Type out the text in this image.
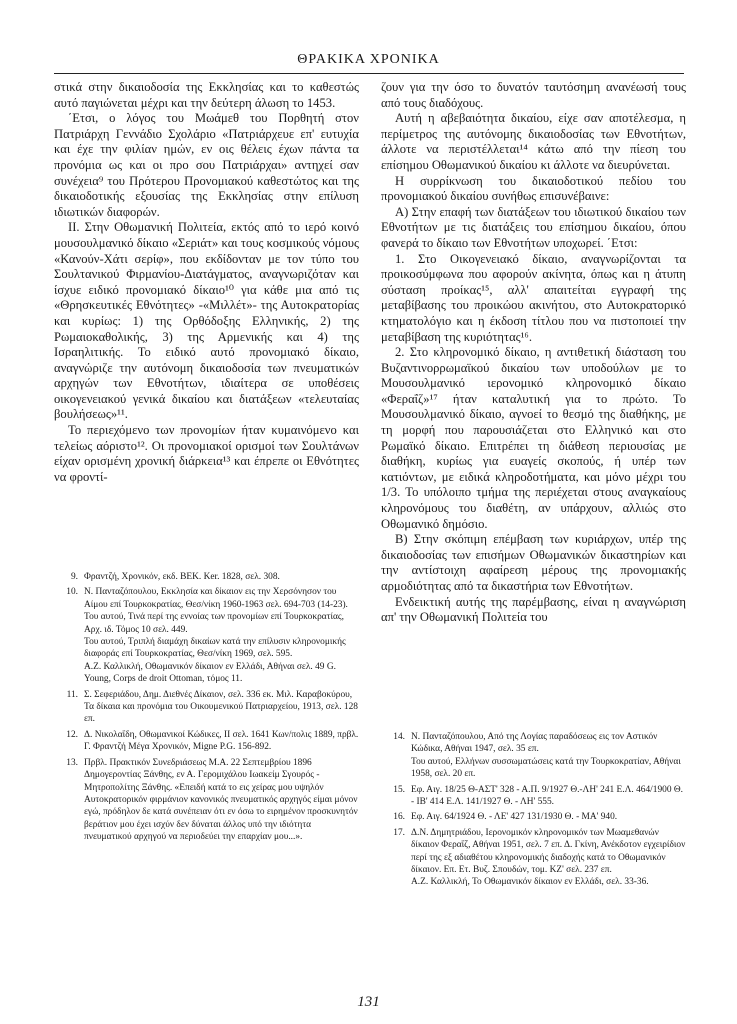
ΘΡΑΚΙΚΑ ΧΡΟΝΙΚΑ

στικά στην δικαιοδοσία της Εκκλησίας και το καθεστώς αυτό παγιώνεται μέχρι και την δεύτερη άλωση το 1453.

΄Ετσι, ο λόγος του Μωάμεθ του Πορθητή στον Πατριάρχη Γεννάδιο Σχολάριο «Πατριάρχευε επ' ευτυχία και έχε την φιλίαν ημών, εν οις θέλεις έχων πάντα τα προνόμια ως και οι προ σου Πατριάρχαι» αντηχεί σαν συνέχεια⁹ του Πρότερου Προνομιακού καθεστώτος και της δικαιοδοτικής εξουσίας της Εκκλησίας στην επίλυση ιδιωτικών διαφορών.

ΙΙ. Στην Οθωμανική Πολιτεία, εκτός από το ιερό κοινό μουσουλμανικό δίκαιο «Σεριάτ» και τους κοσμικούς νόμους «Κανούν-Χάτι σερίφ», που εκδίδονταν με τον τύπο του Σουλτανικού Φιρμανίου-Διατάγματος, αναγνωριζόταν και ίσχυε ειδικό προνομιακό δίκαιο¹⁰ για κάθε μια από τις «Θρησκευτικές Εθνότητες» -«Μιλλέτ»- της Αυτοκρατορίας και κυρίως: 1) της Ορθόδοξης Ελληνικής, 2) της Ρωμαιοκαθολικής, 3) της Αρμενικής και 4) της Ισραηλιτικής. Το ειδικό αυτό προνομιακό δίκαιο, αναγνώριζε την αυτόνομη δικαιοδοσία των πνευματικών αρχηγών των Εθνοτήτων, ιδιαίτερα σε υποθέσεις οικογενειακού γενικά δικαίου και διατάξεων «τελευταίας βουλήσεως»¹¹.

Το περιεχόμενο των προνομίων ήταν κυμαινόμενο και τελείως αόριστο¹². Οι προνομιακοί ορισμοί των Σουλτάνων είχαν ορισμένη χρονική διάρκεια¹³ και έπρεπε οι Εθνότητες να φροντί-

ζουν για την όσο το δυνατόν ταυτόσημη ανανέωσή τους από τους διαδόχους.

Αυτή η αβεβαιότητα δικαίου, είχε σαν αποτέλεσμα, η περίμετρος της αυτόνομης δικαιοδοσίας των Εθνοτήτων, άλλοτε να περιστέλλεται¹⁴ κάτω από την πίεση του επίσημου Οθωμανικού δικαίου κι άλλοτε να διευρύνεται.

Η συρρίκνωση του δικαιοδοτικού πεδίου του προνομιακού δικαίου συνήθως επισυνέβαινε:

Α) Στην επαφή των διατάξεων του ιδιωτικού δικαίου των Εθνοτήτων με τις διατάξεις του επίσημου δικαίου, όπου φανερά το δίκαιο των Εθνοτήτων υποχωρεί. ΄Ετσι:

1. Στο Οικογενειακό δίκαιο, αναγνωρίζονται τα προικοσύμφωνα που αφορούν ακίνητα, όπως και η άτυπη σύσταση προίκας¹⁵, αλλ' απαιτείται εγγραφή της μεταβίβασης του προικώου ακινήτου, στο Αυτοκρατορικό κτηματολόγιο και η έκδοση τίτλου που να πιστοποιεί την μεταβίβαση της κυριότητας¹⁶.

2. Στο κληρονομικό δίκαιο, η αντιθετική διάσταση του Βυζαντινορρωμαϊκού δικαίου των υποδούλων με το Μουσουλμανικό ιερονομικό κληρονομικό δίκαιο «Φεραΐζ»¹⁷ ήταν καταλυτική για το πρώτο. Το Μουσουλμανικό δίκαιο, αγνοεί το θεσμό της διαθήκης, με τη μορφή που παρουσιάζεται στο Ελληνικό και στο Ρωμαϊκό δίκαιο. Επιτρέπει τη διάθεση περιουσίας με διαθήκη, κυρίως για ευαγείς σκοπούς, ή υπέρ των κατιόντων, με ειδικά κληροδοτήματα, και μόνο μέχρι του 1/3. Το υπόλοιπο τμήμα της περιέχεται στους αναγκαίους κληρονόμους του διαθέτη, αν υπάρχουν, αλλιώς στο Οθωμανικό δημόσιο.

Β) Στην σκόπιμη επέμβαση των κυριάρχων, υπέρ της δικαιοδοσίας των επισήμων Οθωμανικών δικαστηρίων και την αντίστοιχη αφαίρεση μέρους της προνομιακής αρμοδιότητας από τα δικαστήρια των Εθνοτήτων.

Ενδεικτική αυτής της παρέμβασης, είναι η αναγνώριση απ' την Οθωμανική Πολιτεία του

9. Φραντζή, Χρονικόν, εκδ. ΒΕΚ. Ker. 1828, σελ. 308.
10. Ν. Πανταζόπουλου, Εκκλησία και δίκαιον εις την Χερσόνησον του Αίμου επί Τουρκοκρατίας, Θεσ/νίκη 1960-1963 σελ. 694-703 (14-23).
Του αυτού, Τινά περί της εννοίας των προνομίων επί Τουρκοκρατίας, Αρχ. ιδ. Τόμος 10 σελ. 449.
Του αυτού, Τριπλή διαμάχη δικαίων κατά την επίλυσιν κληρονομικής διαφοράς επί Τουρκοκρατίας, Θεσ/νίκη 1969, σελ. 595.
Α.Ζ. Καλλικλή, Οθωμανικόν δίκαιον εν Ελλάδι, Αθήναι σελ. 49 G. Young, Corps de droit Ottoman, τόμος 11.
11. Σ. Σεφεριάδου, Δημ. Διεθνές Δίκαιον, σελ. 336 εκ. Μιλ. Καραβοκύρου, Τα δίκαια και προνόμια του Οικουμενικού Πατριαρχείου, 1913, σελ. 128 επ.
12. Δ. Νικολαΐδη, Οθωμανικοί Κώδικες, ΙΙ σελ. 1641 Κων/πολις 1889, πρβλ. Γ. Φραντζή Μέγα Χρονικόν, Migne P.G. 156-892.
13. Πρβλ. Πρακτικόν Συνεδριάσεως Μ.Α. 22 Σεπτεμβρίου 1896 Δημογεροντίας Ξάνθης, εν Α. Γερομιχάλου Ιωακείμ Σγουρός - Μητροπολίτης Ξάνθης. «Επειδή κατά το εις χείρας μου υψηλόν Αυτοκρατορικόν φιρμάνιον κανονικός πνευματικός αρχηγός είμαι μόνον εγώ, πρόδηλον δε κατά συνέπειαν ότι εν όσω το ειρημένον προσκυνητόν βεράτιον μου έχει ισχύν δεν δύναται άλλος υπό την ιδιότητα πνευματικού αρχηγού να περιοδεύει την επαρχίαν μου...».
14. Ν. Πανταζόπουλου, Από της Λογίας παραδόσεως εις τον Αστικόν Κώδικα, Αθήναι 1947, σελ. 35 επ.
Του αυτού, Ελλήνων συσσωματώσεις κατά την Τουρκοκρατίαν, Αθήναι 1958, σελ. 20 επ.
15. Εφ. Αιγ. 18/25 Θ-ΑΣΤ' 328 - Α.Π. 9/1927 Θ.-ΛΗ' 241 Ε.Λ. 464/1900 Θ. - ΙΒ' 414 Ε.Λ. 141/1927 Θ. - ΛΗ' 555.
16. Εφ. Αιγ. 64/1924 Θ. - ΛΕ' 427 131/1930 Θ. - ΜΑ' 940.
17. Δ.Ν. Δημητριάδου, Ιερονομικόν κληρονομικόν των Μωαμεθανών δίκαιον Φεραΐζ, Αθήναι 1951, σελ. 7 επ. Δ. Γκίνη, Ανέκδοτον εγχειρίδιον περί της εξ αδιαθέτου κληρονομικής διαδοχής κατά το Οθωμανικόν δίκαιον. Επ. Ετ. Βυζ. Σπουδών, τομ. ΚΖ' σελ. 237 επ.
Α.Ζ. Καλλικλή, Το Οθωμανικόν δίκαιον εν Ελλάδι, σελ. 33-36.
131
